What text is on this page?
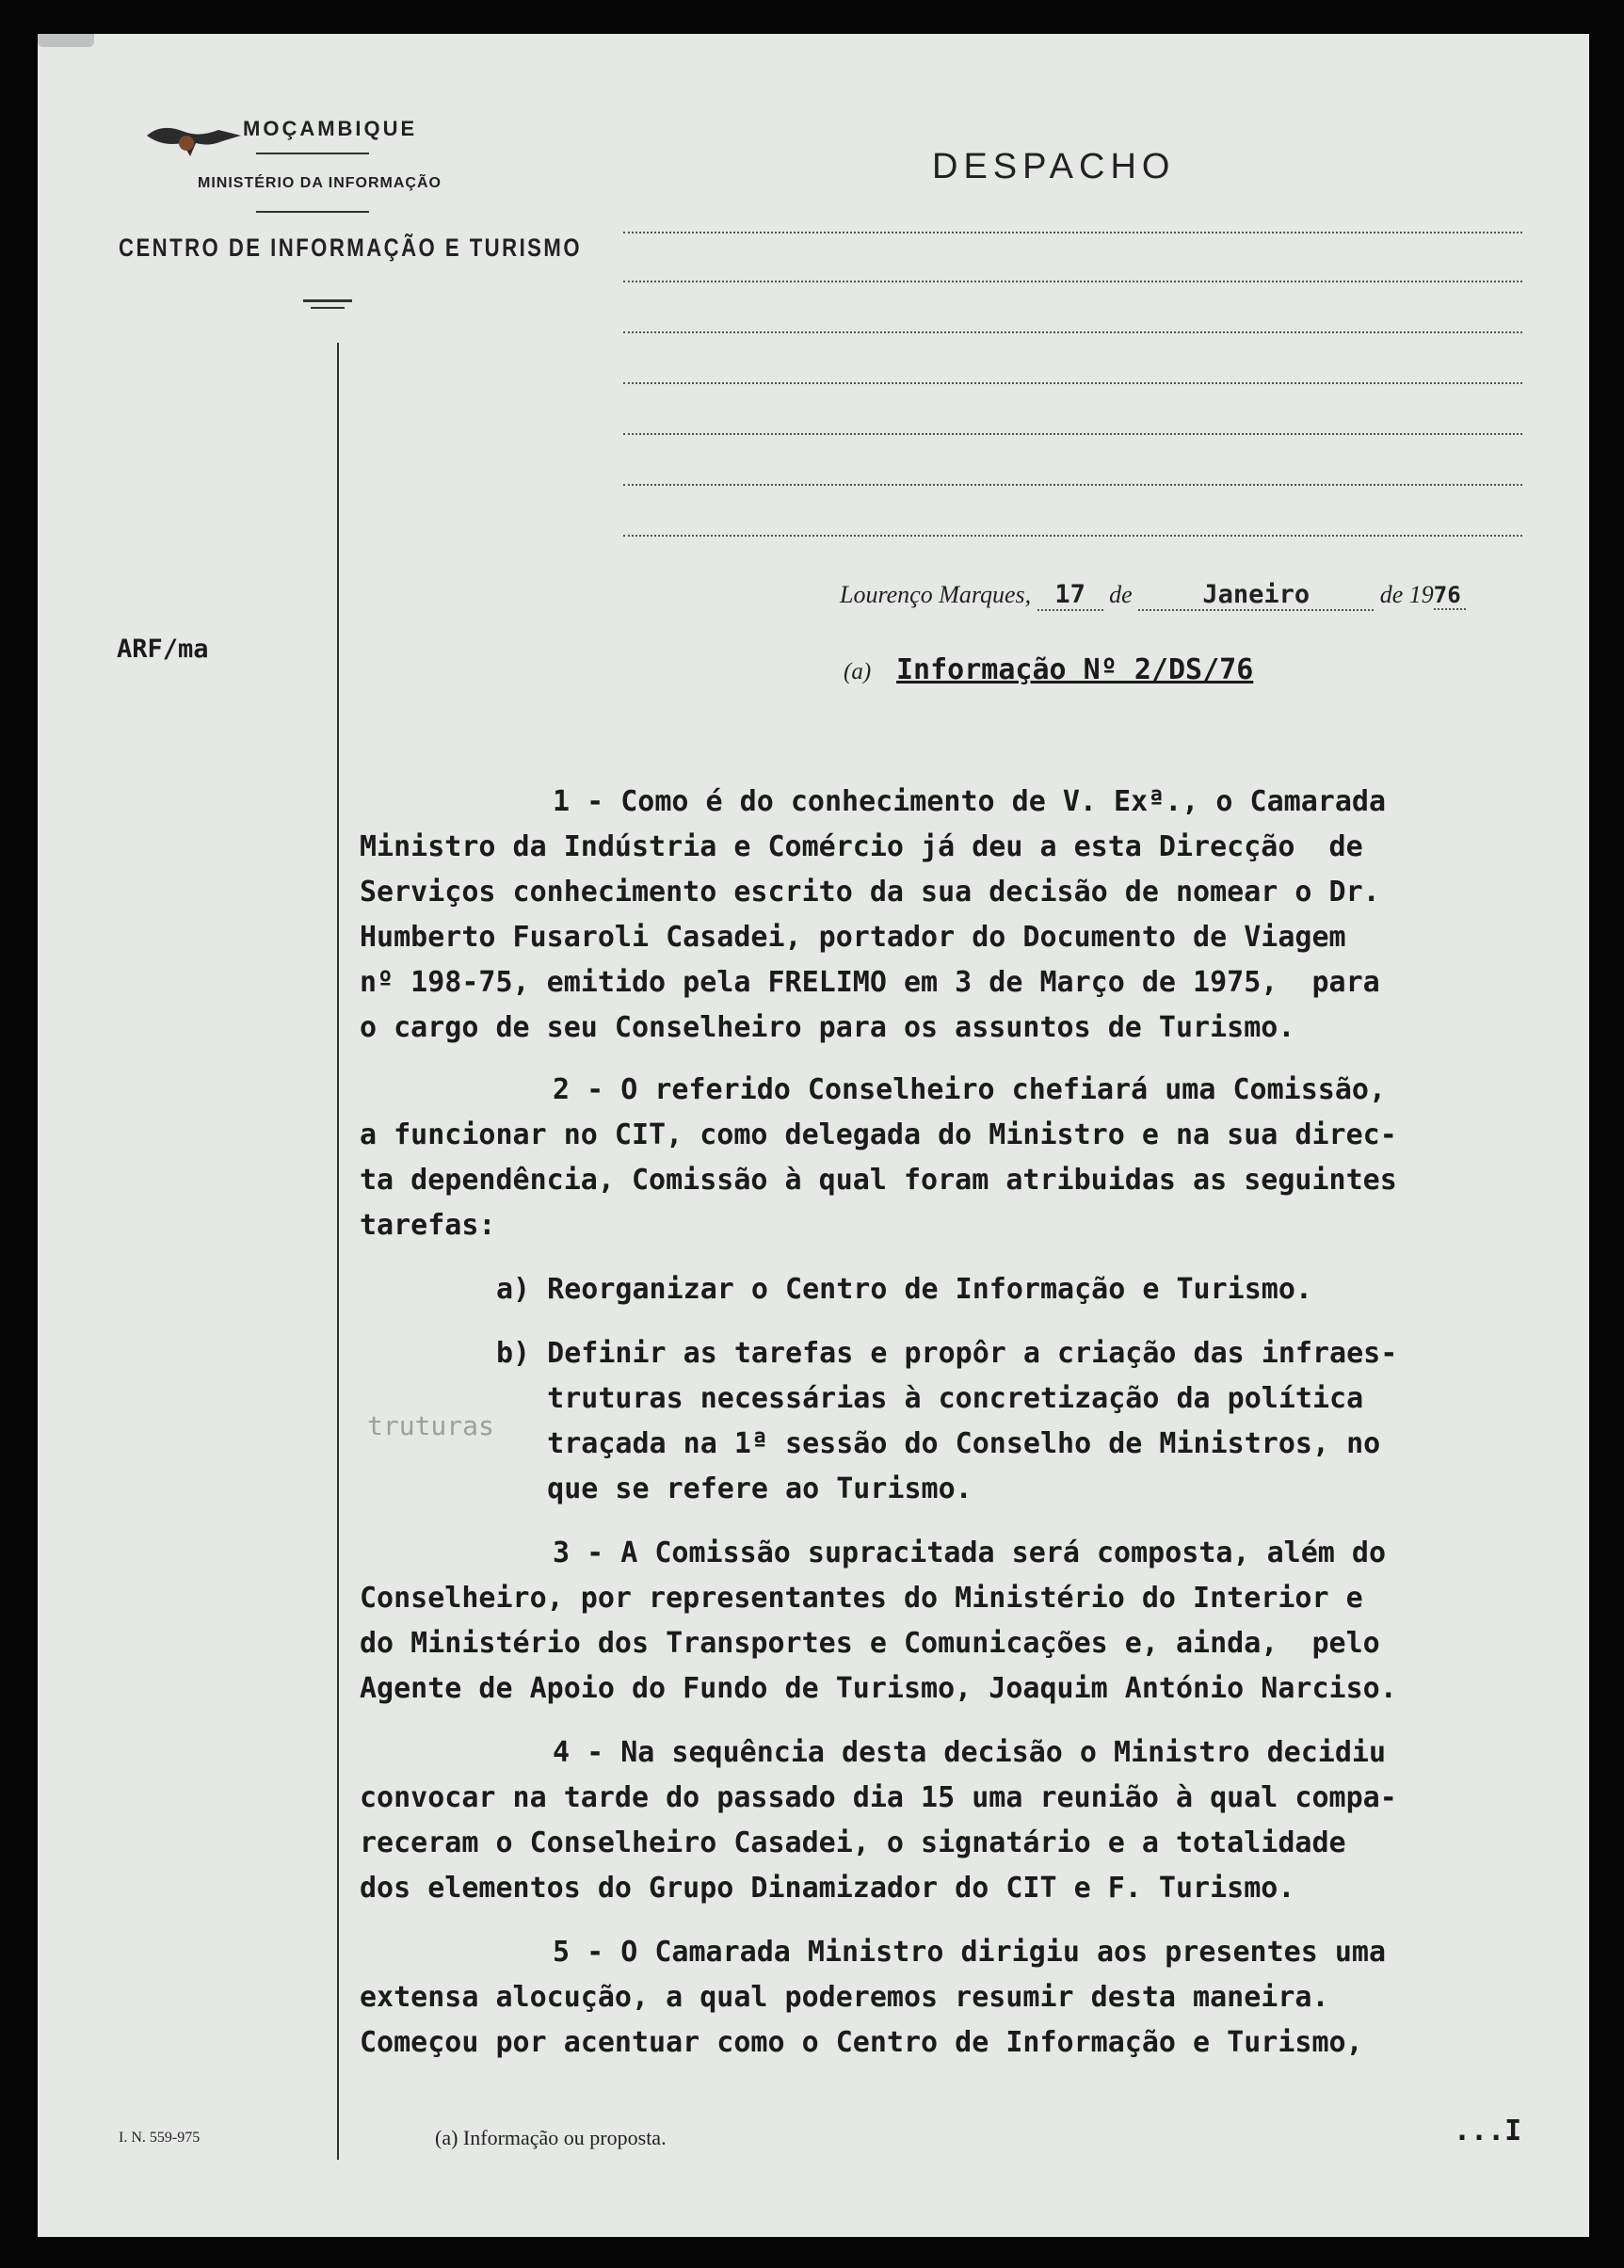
MOÇAMBIQUE
MINISTÉRIO DA INFORMAÇÃO
CENTRO DE INFORMAÇÃO E TURISMO
DESPACHO
Lourenço Marques, 17 de	Janeiro	de 1976
ARF/ma
(a) Informação Nº 2/DS/76
1 - Como é do conhecimento de V. Exª., o Camarada
Ministro da Indústria e Comércio já deu a esta Direcção  de
Serviços conhecimento escrito da sua decisão de nomear o Dr.
Humberto Fusaroli Casadei, portador do Documento de Viagem
nº 198-75, emitido pela FRELIMO em 3 de Março de 1975,  para
o cargo de seu Conselheiro para os assuntos de Turismo.
2 - O referido Conselheiro chefiará uma Comissão,
a funcionar no CIT, como delegada do Ministro e na sua direc-
ta dependência, Comissão à qual foram atribuidas as seguintes
tarefas:
a) Reorganizar o Centro de Informação e Turismo.
b) Definir as tarefas e propôr a criação das infraes-
truturas necessárias à concretização da política
traçada na 1ª sessão do Conselho de Ministros, no
que se refere ao Turismo.
truturas
3 - A Comissão supracitada será composta, além do
Conselheiro, por representantes do Ministério do Interior e
do Ministério dos Transportes e Comunicações e, ainda,  pelo
Agente de Apoio do Fundo de Turismo, Joaquim António Narciso.
4 - Na sequência desta decisão o Ministro decidiu
convocar na tarde do passado dia 15 uma reunião à qual compa-
receram o Conselheiro Casadei, o signatário e a totalidade
dos elementos do Grupo Dinamizador do CIT e F. Turismo.
5 - O Camarada Ministro dirigiu aos presentes uma
extensa alocução, a qual poderemos resumir desta maneira.
Começou por acentuar como o Centro de Informação e Turismo,
I. N. 559-975	(a) Informação ou proposta.	...I
